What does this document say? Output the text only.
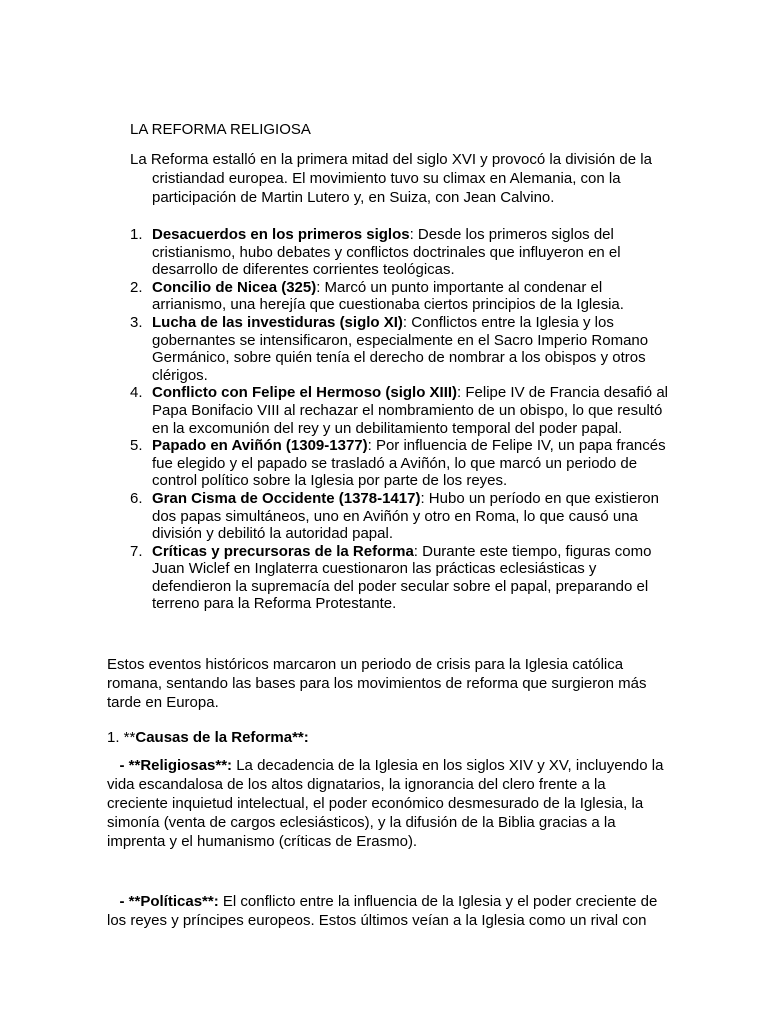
LA REFORMA RELIGIOSA
La Reforma estalló en la primera mitad del siglo XVI y provocó la división de la cristiandad europea. El movimiento tuvo su climax en Alemania, con la participación de Martin Lutero y, en Suiza, con Jean Calvino.
1. Desacuerdos en los primeros siglos: Desde los primeros siglos del cristianismo, hubo debates y conflictos doctrinales que influyeron en el desarrollo de diferentes corrientes teológicas.
2. Concilio de Nicea (325): Marcó un punto importante al condenar el arrianismo, una herejía que cuestionaba ciertos principios de la Iglesia.
3. Lucha de las investiduras (siglo XI): Conflictos entre la Iglesia y los gobernantes se intensificaron, especialmente en el Sacro Imperio Romano Germánico, sobre quién tenía el derecho de nombrar a los obispos y otros clérigos.
4. Conflicto con Felipe el Hermoso (siglo XIII): Felipe IV de Francia desafió al Papa Bonifacio VIII al rechazar el nombramiento de un obispo, lo que resultó en la excomunión del rey y un debilitamiento temporal del poder papal.
5. Papado en Aviñón (1309-1377): Por influencia de Felipe IV, un papa francés fue elegido y el papado se trasladó a Aviñón, lo que marcó un periodo de control político sobre la Iglesia por parte de los reyes.
6. Gran Cisma de Occidente (1378-1417): Hubo un período en que existieron dos papas simultáneos, uno en Aviñón y otro en Roma, lo que causó una división y debilitó la autoridad papal.
7. Críticas y precursoras de la Reforma: Durante este tiempo, figuras como Juan Wiclef en Inglaterra cuestionaron las prácticas eclesiásticas y defendieron la supremacía del poder secular sobre el papal, preparando el terreno para la Reforma Protestante.
Estos eventos históricos marcaron un periodo de crisis para la Iglesia católica romana, sentando las bases para los movimientos de reforma que surgieron más tarde en Europa.
1. **Causas de la Reforma**:
- **Religiosas**: La decadencia de la Iglesia en los siglos XIV y XV, incluyendo la vida escandalosa de los altos dignatarios, la ignorancia del clero frente a la creciente inquietud intelectual, el poder económico desmesurado de la Iglesia, la simonía (venta de cargos eclesiásticos), y la difusión de la Biblia gracias a la imprenta y el humanismo (críticas de Erasmo).
- **Políticas**: El conflicto entre la influencia de la Iglesia y el poder creciente de los reyes y príncipes europeos. Estos últimos veían a la Iglesia como un rival con
